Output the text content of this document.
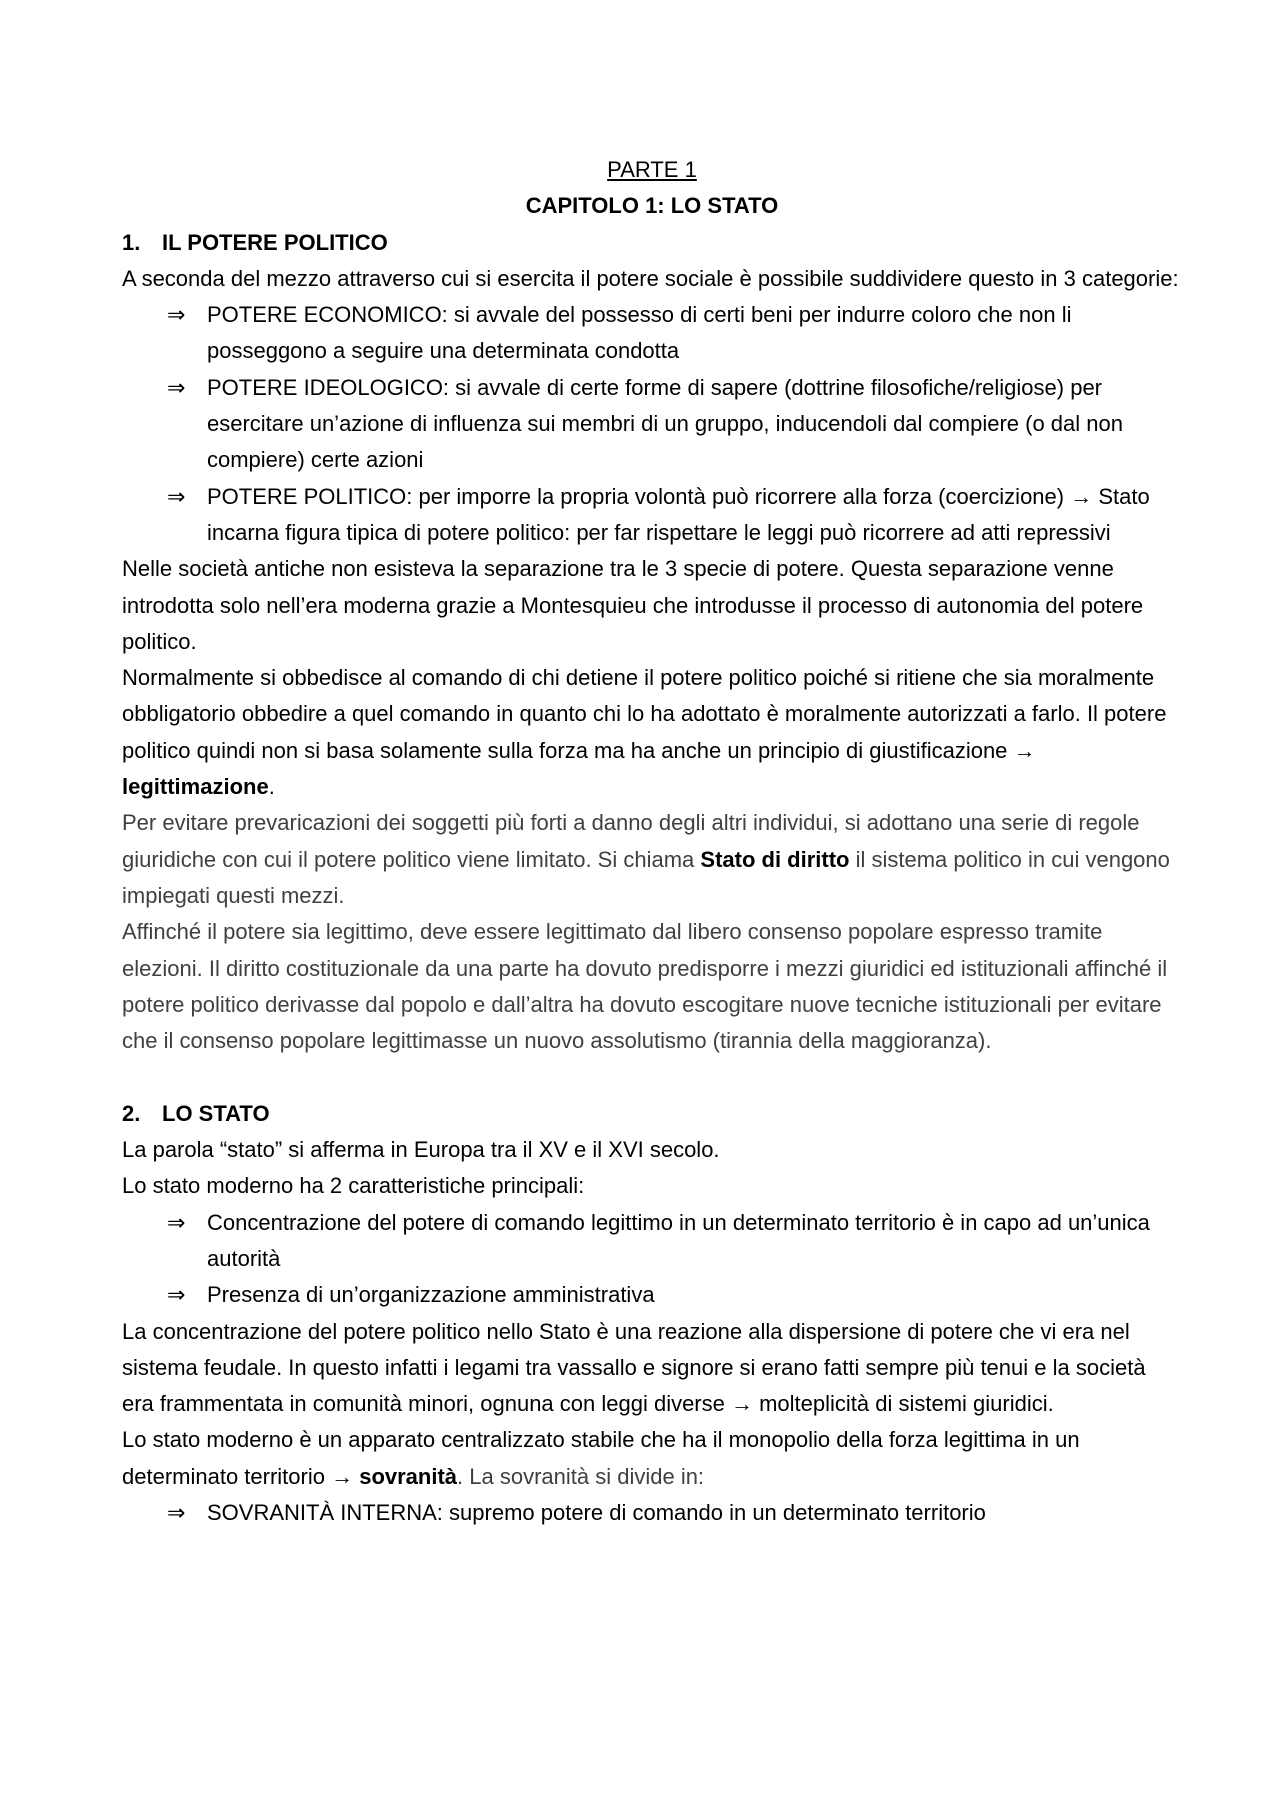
PARTE 1
CAPITOLO 1: LO STATO
1. IL POTERE POLITICO

A seconda del mezzo attraverso cui si esercita il potere sociale è possibile suddividere questo in 3 categorie:

⇒ POTERE ECONOMICO: si avvale del possesso di certi beni per indurre coloro che non li posseggono a seguire una determinata condotta
⇒ POTERE IDEOLOGICO: si avvale di certe forme di sapere (dottrine filosofiche/religiose) per esercitare un’azione di influenza sui membri di un gruppo, inducendoli dal compiere (o dal non compiere) certe azioni
⇒ POTERE POLITICO: per imporre la propria volontà può ricorrere alla forza (coercizione) → Stato incarna figura tipica di potere politico: per far rispettare le leggi può ricorrere ad atti repressivi

Nelle società antiche non esisteva la separazione tra le 3 specie di potere. Questa separazione venne introdotta solo nell’era moderna grazie a Montesquieu che introdusse il processo di autonomia del potere politico.

Normalmente si obbedisce al comando di chi detiene il potere politico poiché si ritiene che sia moralmente obbligatorio obbedire a quel comando in quanto chi lo ha adottato è moralmente autorizzati a farlo. Il potere politico quindi non si basa solamente sulla forza ma ha anche un principio di giustificazione → legittimazione.

Per evitare prevaricazioni dei soggetti più forti a danno degli altri individui, si adottano una serie di regole giuridiche con cui il potere politico viene limitato. Si chiama Stato di diritto il sistema politico in cui vengono impiegati questi mezzi.

Affinché il potere sia legittimo, deve essere legittimato dal libero consenso popolare espresso tramite elezioni. Il diritto costituzionale da una parte ha dovuto predisporre i mezzi giuridici ed istituzionali affinché il potere politico derivasse dal popolo e dall’altra ha dovuto escogitare nuove tecniche istituzionali per evitare che il consenso popolare legittimasse un nuovo assolutismo (tirannia della maggioranza).

2. LO STATO

La parola “stato” si afferma in Europa tra il XV e il XVI secolo.

Lo stato moderno ha 2 caratteristiche principali:

⇒ Concentrazione del potere di comando legittimo in un determinato territorio è in capo ad un’unica autorità
⇒ Presenza di un’organizzazione amministrativa

La concentrazione del potere politico nello Stato è una reazione alla dispersione di potere che vi era nel sistema feudale. In questo infatti i legami tra vassallo e signore si erano fatti sempre più tenui e la società era frammentata in comunità minori, ognuna con leggi diverse → molteplicità di sistemi giuridici.

Lo stato moderno è un apparato centralizzato stabile che ha il monopolio della forza legittima in un determinato territorio → sovranità. La sovranità si divide in:

⇒ SOVRANITÀ INTERNA: supremo potere di comando in un determinato territorio
